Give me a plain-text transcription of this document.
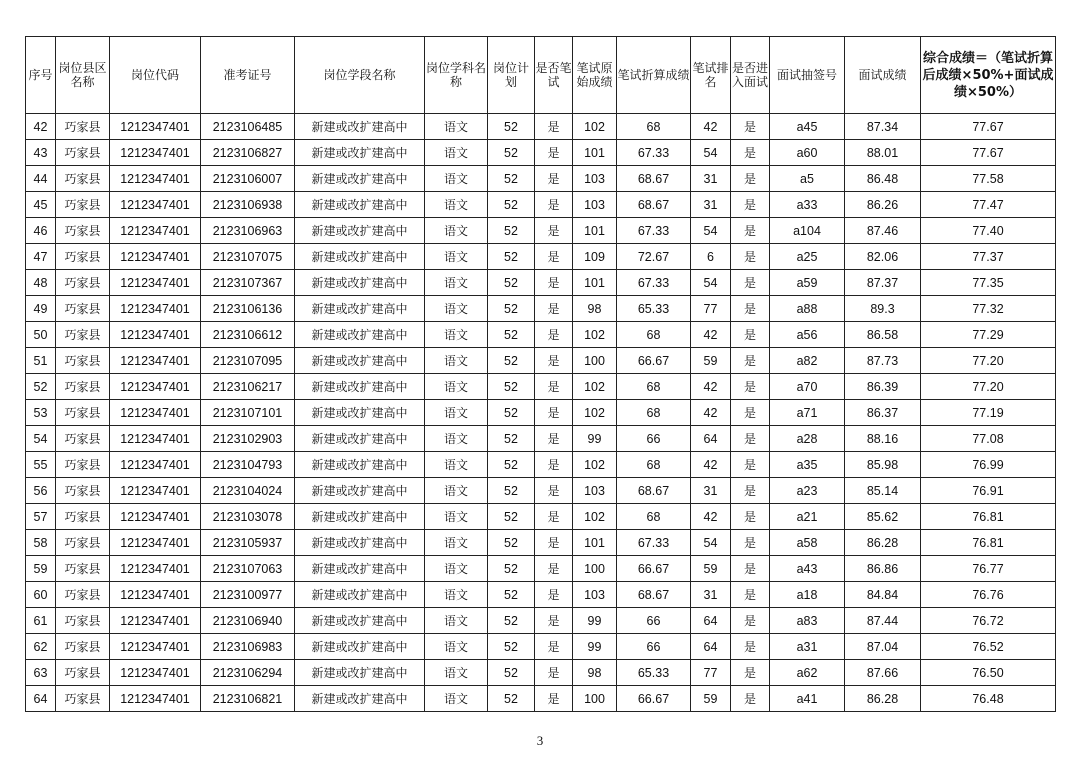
序号	岗位县区名称	岗位代码	准考证号	岗位学段名称	岗位学科名称	岗位计划	是否笔试	笔试原始成绩	笔试折算成绩	笔试排名	是否进入面试	面试抽签号	面试成绩	综合成绩＝（笔试折算后成绩×50%+面试成绩×50%）
42	巧家县	1212347401	2123106485	新建或改扩建高中	语文	52	是	102	68	42	是	a45	87.34	77.67
43	巧家县	1212347401	2123106827	新建或改扩建高中	语文	52	是	101	67.33	54	是	a60	88.01	77.67
44	巧家县	1212347401	2123106007	新建或改扩建高中	语文	52	是	103	68.67	31	是	a5	86.48	77.58
45	巧家县	1212347401	2123106938	新建或改扩建高中	语文	52	是	103	68.67	31	是	a33	86.26	77.47
46	巧家县	1212347401	2123106963	新建或改扩建高中	语文	52	是	101	67.33	54	是	a104	87.46	77.40
47	巧家县	1212347401	2123107075	新建或改扩建高中	语文	52	是	109	72.67	6	是	a25	82.06	77.37
48	巧家县	1212347401	2123107367	新建或改扩建高中	语文	52	是	101	67.33	54	是	a59	87.37	77.35
49	巧家县	1212347401	2123106136	新建或改扩建高中	语文	52	是	98	65.33	77	是	a88	89.3	77.32
50	巧家县	1212347401	2123106612	新建或改扩建高中	语文	52	是	102	68	42	是	a56	86.58	77.29
51	巧家县	1212347401	2123107095	新建或改扩建高中	语文	52	是	100	66.67	59	是	a82	87.73	77.20
52	巧家县	1212347401	2123106217	新建或改扩建高中	语文	52	是	102	68	42	是	a70	86.39	77.20
53	巧家县	1212347401	2123107101	新建或改扩建高中	语文	52	是	102	68	42	是	a71	86.37	77.19
54	巧家县	1212347401	2123102903	新建或改扩建高中	语文	52	是	99	66	64	是	a28	88.16	77.08
55	巧家县	1212347401	2123104793	新建或改扩建高中	语文	52	是	102	68	42	是	a35	85.98	76.99
56	巧家县	1212347401	2123104024	新建或改扩建高中	语文	52	是	103	68.67	31	是	a23	85.14	76.91
57	巧家县	1212347401	2123103078	新建或改扩建高中	语文	52	是	102	68	42	是	a21	85.62	76.81
58	巧家县	1212347401	2123105937	新建或改扩建高中	语文	52	是	101	67.33	54	是	a58	86.28	76.81
59	巧家县	1212347401	2123107063	新建或改扩建高中	语文	52	是	100	66.67	59	是	a43	86.86	76.77
60	巧家县	1212347401	2123100977	新建或改扩建高中	语文	52	是	103	68.67	31	是	a18	84.84	76.76
61	巧家县	1212347401	2123106940	新建或改扩建高中	语文	52	是	99	66	64	是	a83	87.44	76.72
62	巧家县	1212347401	2123106983	新建或改扩建高中	语文	52	是	99	66	64	是	a31	87.04	76.52
63	巧家县	1212347401	2123106294	新建或改扩建高中	语文	52	是	98	65.33	77	是	a62	87.66	76.50
64	巧家县	1212347401	2123106821	新建或改扩建高中	语文	52	是	100	66.67	59	是	a41	86.28	76.48
3
